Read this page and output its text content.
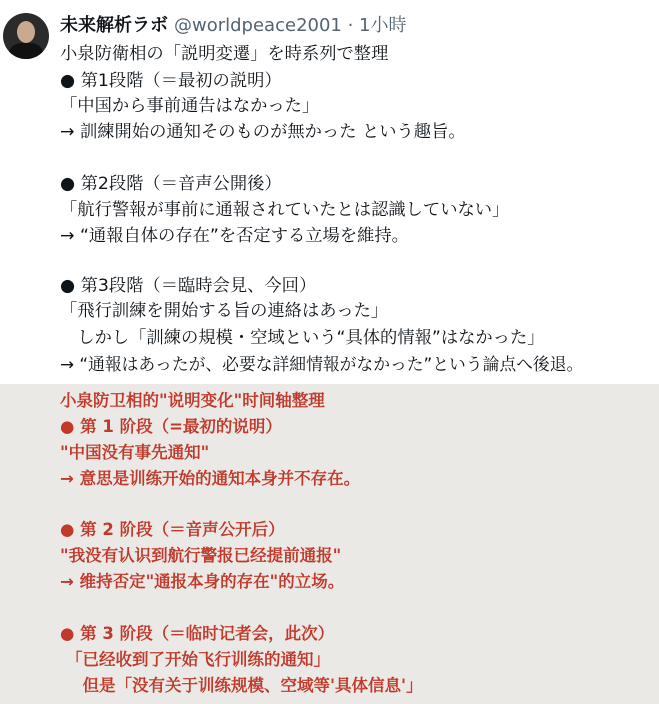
未来解析ラボ @worldpeace2001 · 1小時
小泉防衛相の「説明変遷」を時系列で整理
● 第1段階（＝最初の説明）
「中国から事前通告はなかった」
→ 訓練開始の通知そのものが無かった という趣旨。
● 第2段階（＝音声公開後）
「航行警報が事前に通報されていたとは認識していない」
→ “通報自体の存在”を否定する立場を維持。
● 第3段階（＝臨時会見、今回）
「飛行訓練を開始する旨の連絡はあった」
　しかし「訓練の規模・空域という“具体的情報”はなかった」
→ “通報はあったが、必要な詳細情報がなかった”という論点へ後退。
小泉防卫相的"说明变化"时间轴整理
● 第 1 阶段（=最初的说明）
"中国没有事先通知"
→ 意思是训练开始的通知本身并不存在。
● 第 2 阶段（＝音声公开后）
"我没有认识到航行警报已经提前通报"
→ 维持否定"通报本身的存在"的立场。
● 第 3 阶段（＝临时记者会，此次）
「已经收到了开始飞行训练的通知」
　但是「没有关于训练规模、空域等'具体信息'」
